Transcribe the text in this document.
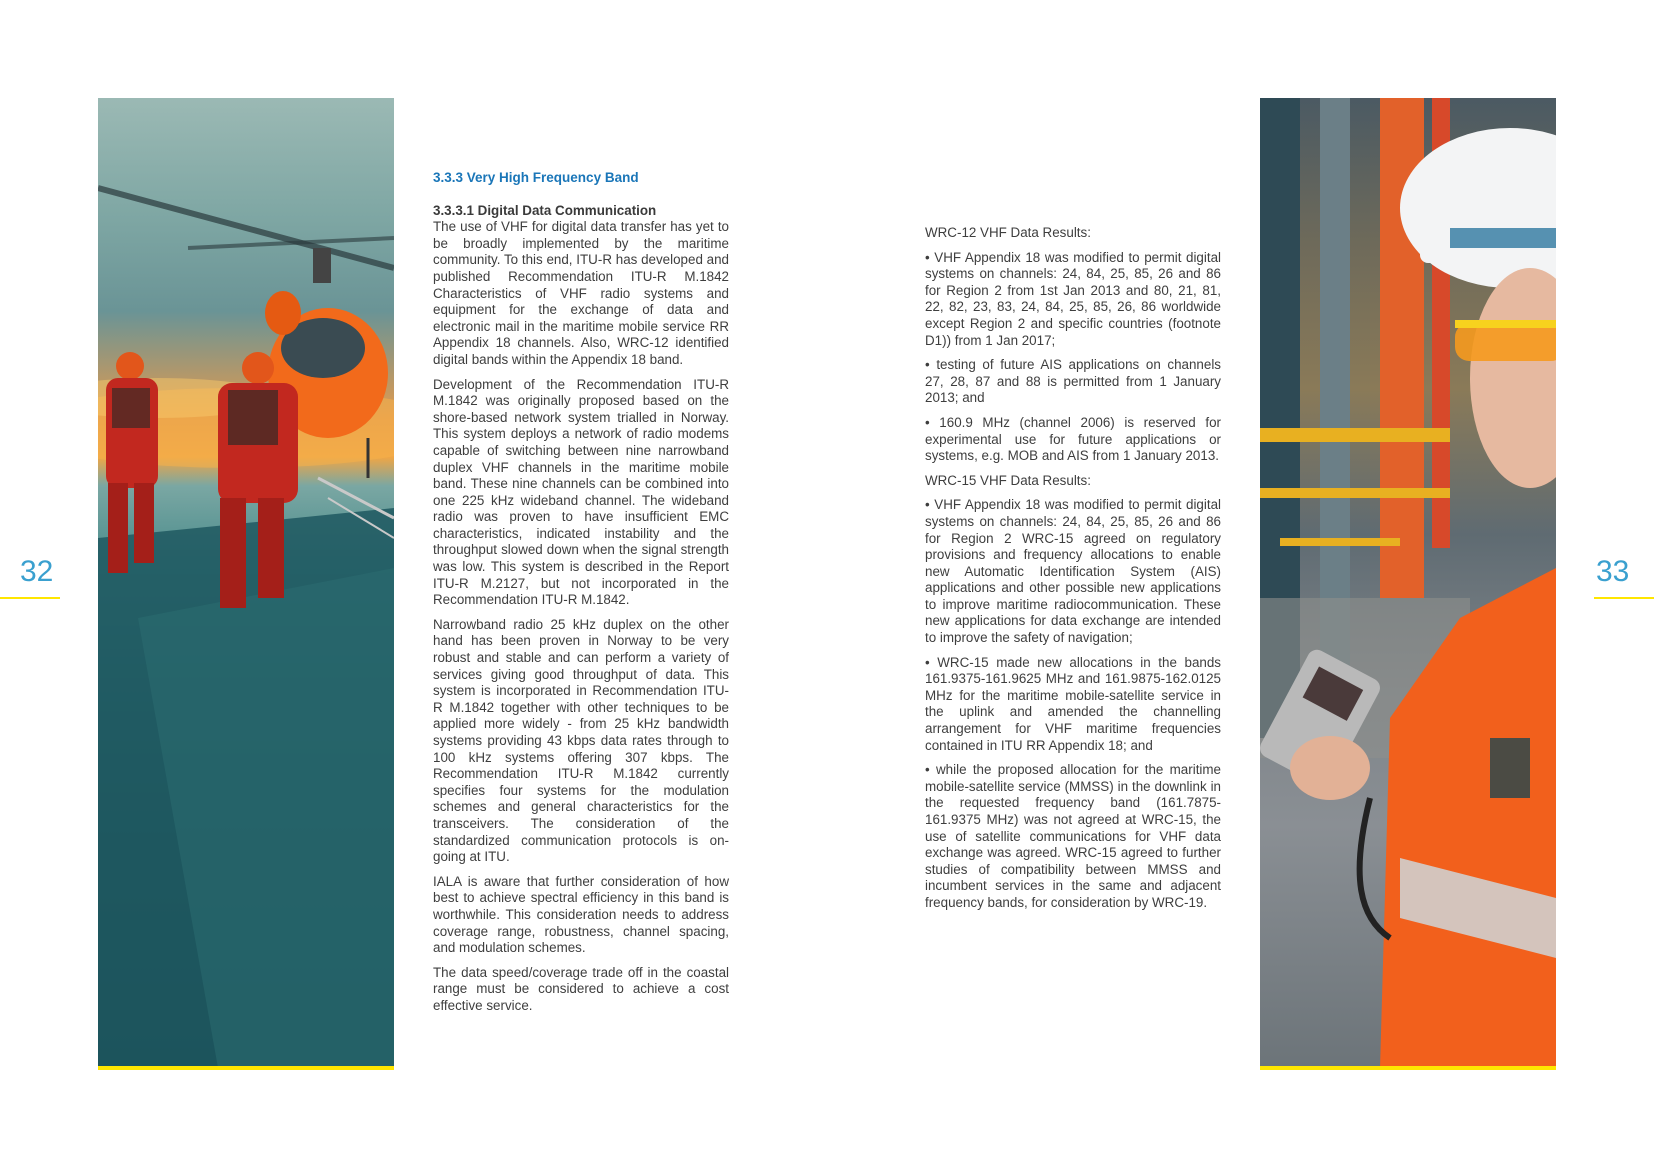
32	33
3.3.3 Very High Frequency Band
3.3.3.1 Digital Data Communication

The use of VHF for digital data transfer has yet to be broadly implemented by the maritime community. To this end, ITU-R has developed and published Recommendation ITU-R M.1842 Characteristics of VHF radio systems and equipment for the exchange of data and electronic mail in the maritime mobile service RR Appendix 18 channels. Also, WRC-12 identified digital bands within the Appendix 18 band.

Development of the Recommendation ITU-R M.1842 was originally proposed based on the shore-based network system trialled in Norway. This system deploys a network of radio modems capable of switching between nine narrowband duplex VHF channels in the maritime mobile band. These nine channels can be combined into one 225 kHz wideband channel. The wideband radio was proven to have insufficient EMC characteristics, indicated instability and the throughput slowed down when the signal strength was low. This system is described in the Report ITU-R M.2127, but not incorporated in the Recommendation ITU-R M.1842.

Narrowband radio 25 kHz duplex on the other hand has been proven in Norway to be very robust and stable and can perform a variety of services giving good throughput of data. This system is incorporated in Recommendation ITU-R M.1842 together with other techniques to be applied more widely - from 25 kHz bandwidth systems providing 43 kbps data rates through to 100 kHz systems offering 307 kbps. The Recommendation ITU-R M.1842 currently specifies four systems for the modulation schemes and general characteristics for the transceivers. The consideration of the standardized communication protocols is on-going at ITU.

IALA is aware that further consideration of how best to achieve spectral efficiency in this band is worthwhile. This consideration needs to address coverage range, robustness, channel spacing, and modulation schemes.

The data speed/coverage trade off in the coastal range must be considered to achieve a cost effective service.

WRC-12 VHF Data Results:

• VHF Appendix 18 was modified to permit digital systems on channels: 24, 84, 25, 85, 26 and 86 for Region 2 from 1st Jan 2013 and 80, 21, 81, 22, 82, 23, 83, 24, 84, 25, 85, 26, 86 worldwide except Region 2 and specific countries (footnote D1)) from 1 Jan 2017;

• testing of future AIS applications on channels 27, 28, 87 and 88 is permitted from 1 January 2013; and

• 160.9 MHz (channel 2006) is reserved for experimental use for future applications or systems, e.g. MOB and AIS from 1 January 2013.

WRC-15 VHF Data Results:

• VHF Appendix 18 was modified to permit digital systems on channels: 24, 84, 25, 85, 26 and 86 for Region 2 WRC-15 agreed on regulatory provisions and frequency allocations to enable new Automatic Identification System (AIS) applications and other possible new applications to improve maritime radiocommunication. These new applications for data exchange are intended to improve the safety of navigation;

• WRC-15 made new allocations in the bands 161.9375-161.9625 MHz and 161.9875-162.0125 MHz for the maritime mobile-satellite service in the uplink and amended the channelling arrangement for VHF maritime frequencies contained in ITU RR Appendix 18; and

• while the proposed allocation for the maritime mobile-satellite service (MMSS) in the downlink in the requested frequency band (161.7875-161.9375 MHz) was not agreed at WRC-15, the use of satellite communications for VHF data exchange was agreed. WRC-15 agreed to further studies of compatibility between MMSS and incumbent services in the same and adjacent frequency bands, for consideration by WRC-19.
